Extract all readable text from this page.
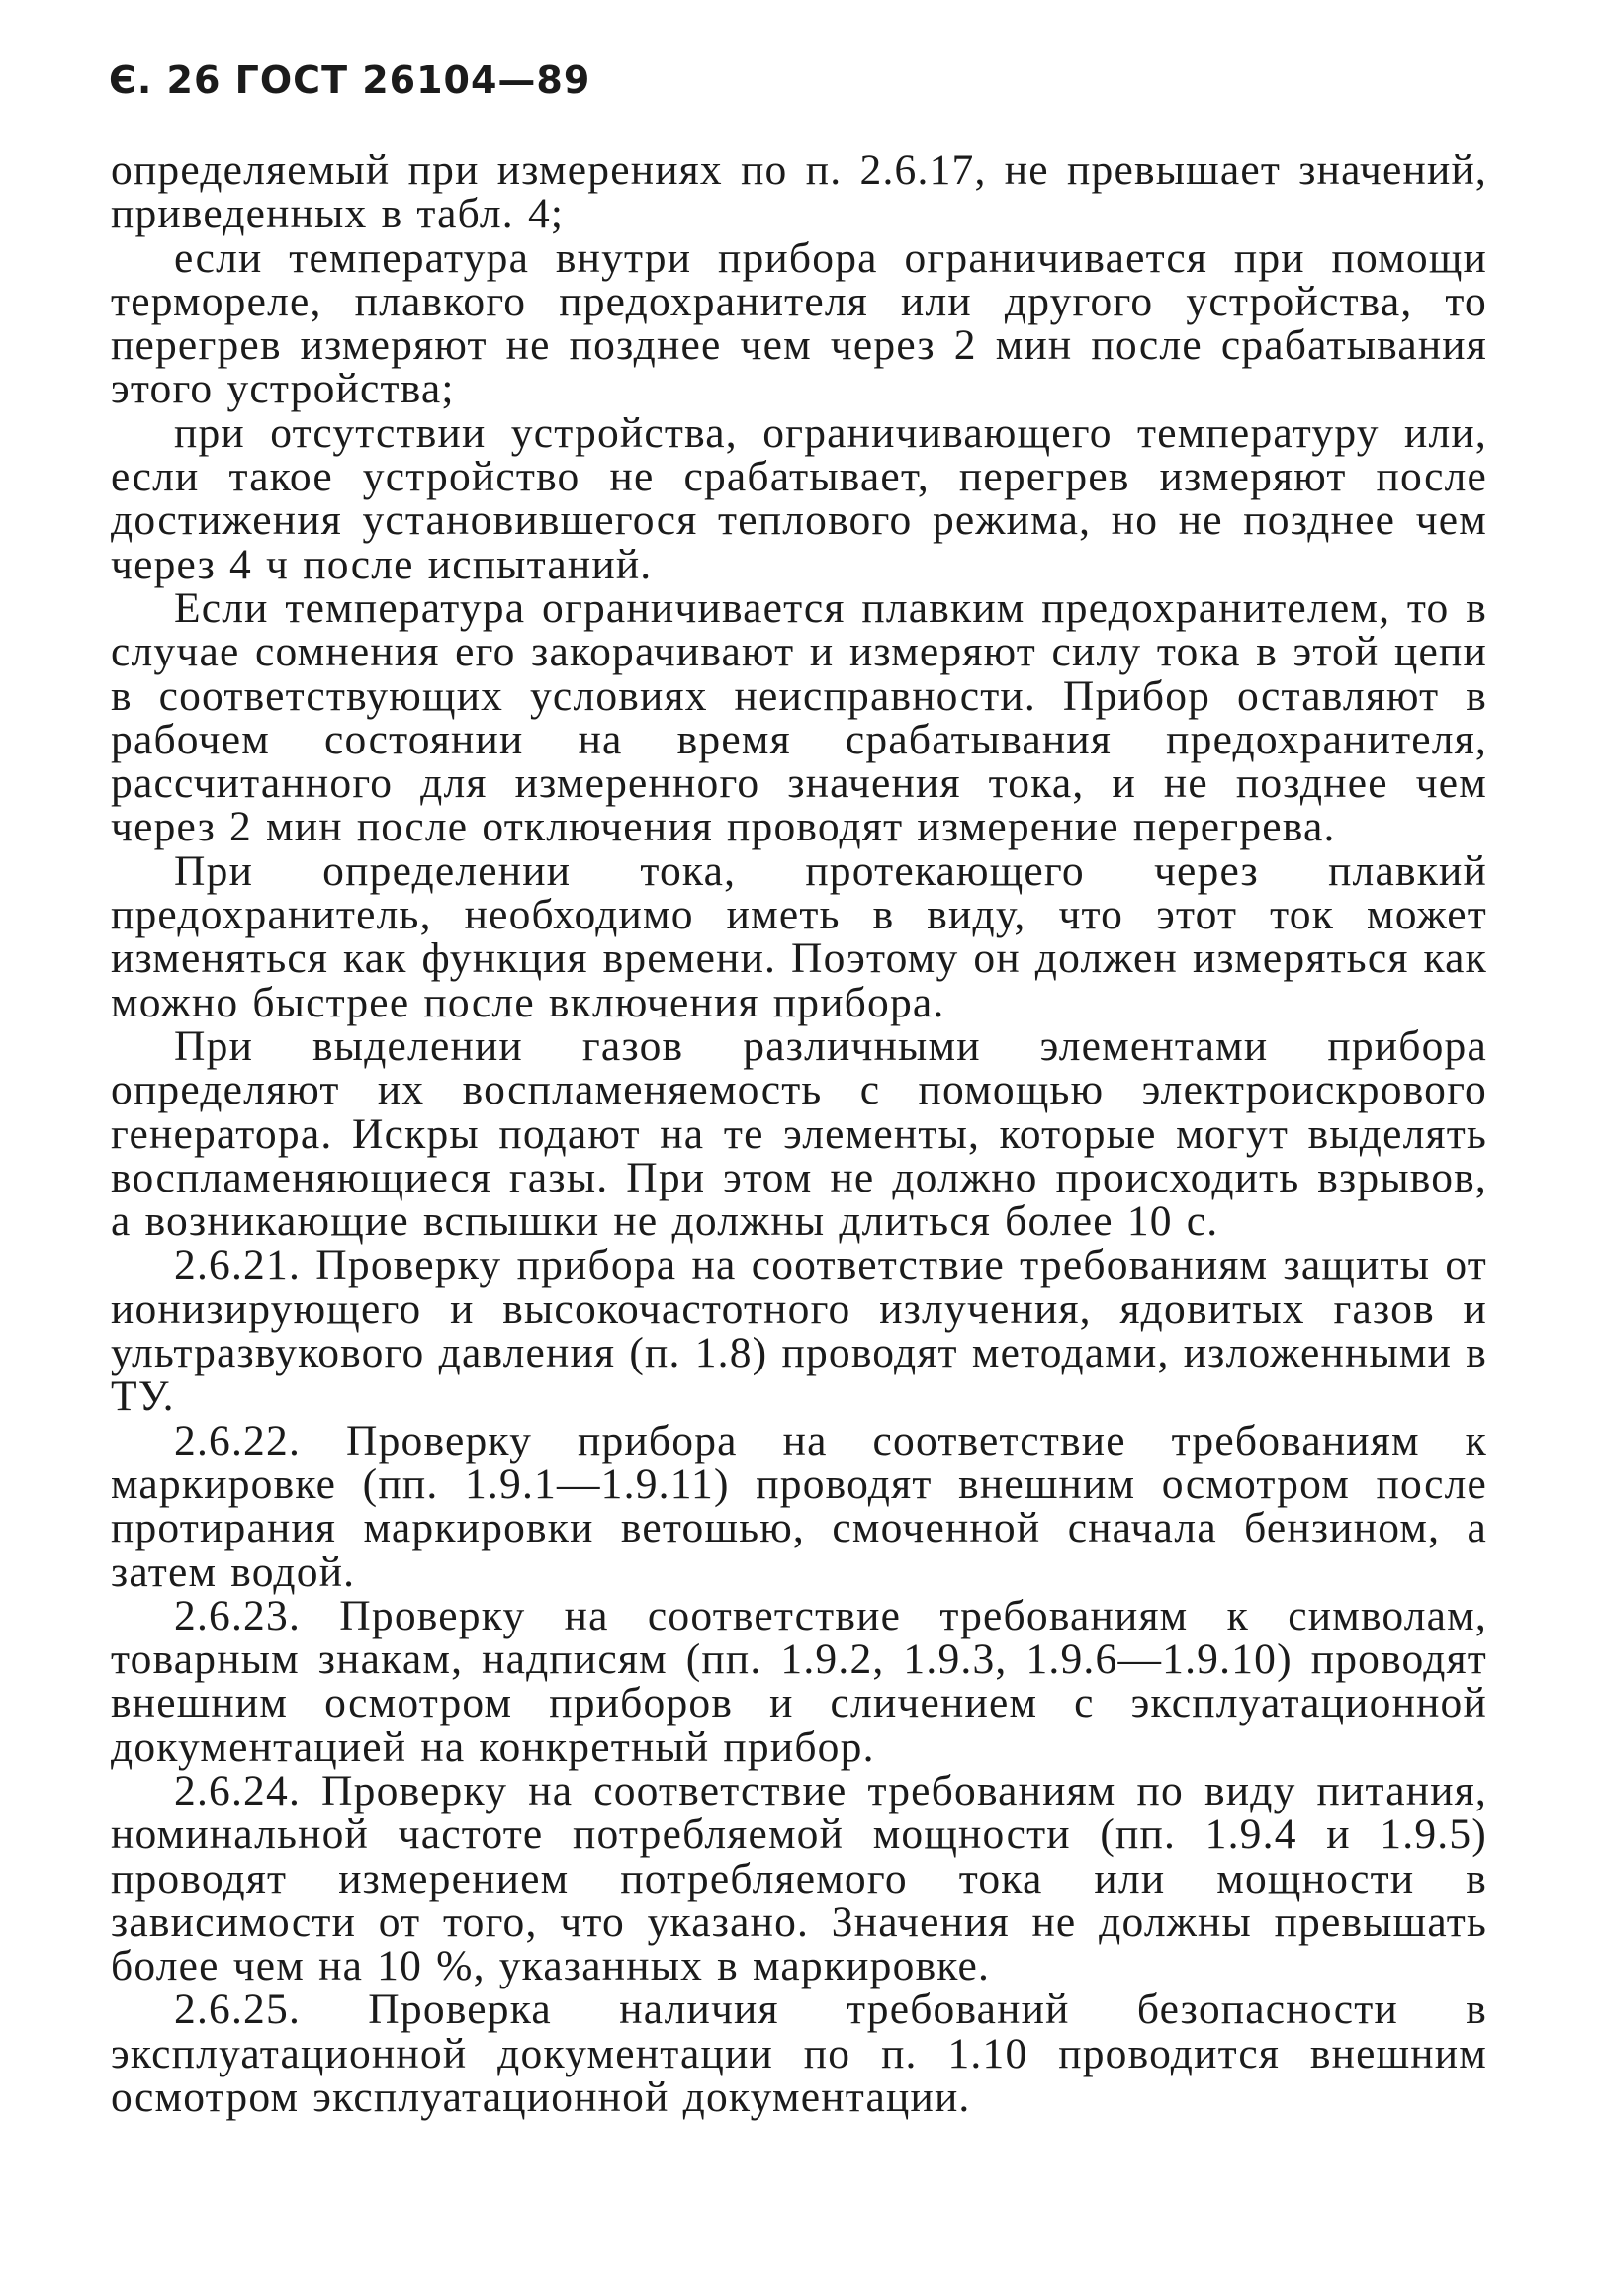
Є. 26 ГОСТ 26104—89

определяемый при измерениях по п. 2.6.17, не превышает значений, приведенных в табл. 4;

если температура внутри прибора ограничивается при помощи термореле, плавкого предохранителя или другого устройства, то перегрев измеряют не позднее чем через 2 мин после срабатывания этого устройства;

при отсутствии устройства, ограничивающего температуру или, если такое устройство не срабатывает, перегрев измеряют после достижения установившегося теплового режима, но не позднее чем через 4 ч после испытаний.

Если температура ограничивается плавким предохранителем, то в случае сомнения его закорачивают и измеряют силу тока в этой цепи в соответствующих условиях неисправности. Прибор оставляют в рабочем состоянии на время срабатывания предохранителя, рассчитанного для измеренного значения тока, и не позднее чем через 2 мин после отключения проводят измерение перегрева.

При определении тока, протекающего через плавкий предохранитель, необходимо иметь в виду, что этот ток может изменяться как функция времени. Поэтому он должен измеряться как можно быстрее после включения прибора.

При выделении газов различными элементами прибора определяют их воспламеняемость с помощью электроискрового генератора. Искры подают на те элементы, которые могут выделять воспламеняющиеся газы. При этом не должно происходить взрывов, а возникающие вспышки не должны длиться более 10 с.

2.6.21. Проверку прибора на соответствие требованиям защиты от ионизирующего и высокочастотного излучения, ядовитых газов и ультразвукового давления (п. 1.8) проводят методами, изложенными в ТУ.

2.6.22. Проверку прибора на соответствие требованиям к маркировке (пп. 1.9.1—1.9.11) проводят внешним осмотром после протирания маркировки ветошью, смоченной сначала бензином, а затем водой.

2.6.23. Проверку на соответствие требованиям к символам, товарным знакам, надписям (пп. 1.9.2, 1.9.3, 1.9.6—1.9.10) проводят внешним осмотром приборов и сличением с эксплуатационной документацией на конкретный прибор.

2.6.24. Проверку на соответствие требованиям по виду питания, номинальной частоте потребляемой мощности (пп. 1.9.4 и 1.9.5) проводят измерением потребляемого тока или мощности в зависимости от того, что указано. Значения не должны превышать более чем на 10 %, указанных в маркировке.

2.6.25. Проверка наличия требований безопасности в эксплуатационной документации по п. 1.10 проводится внешним осмотром эксплуатационной документации.
